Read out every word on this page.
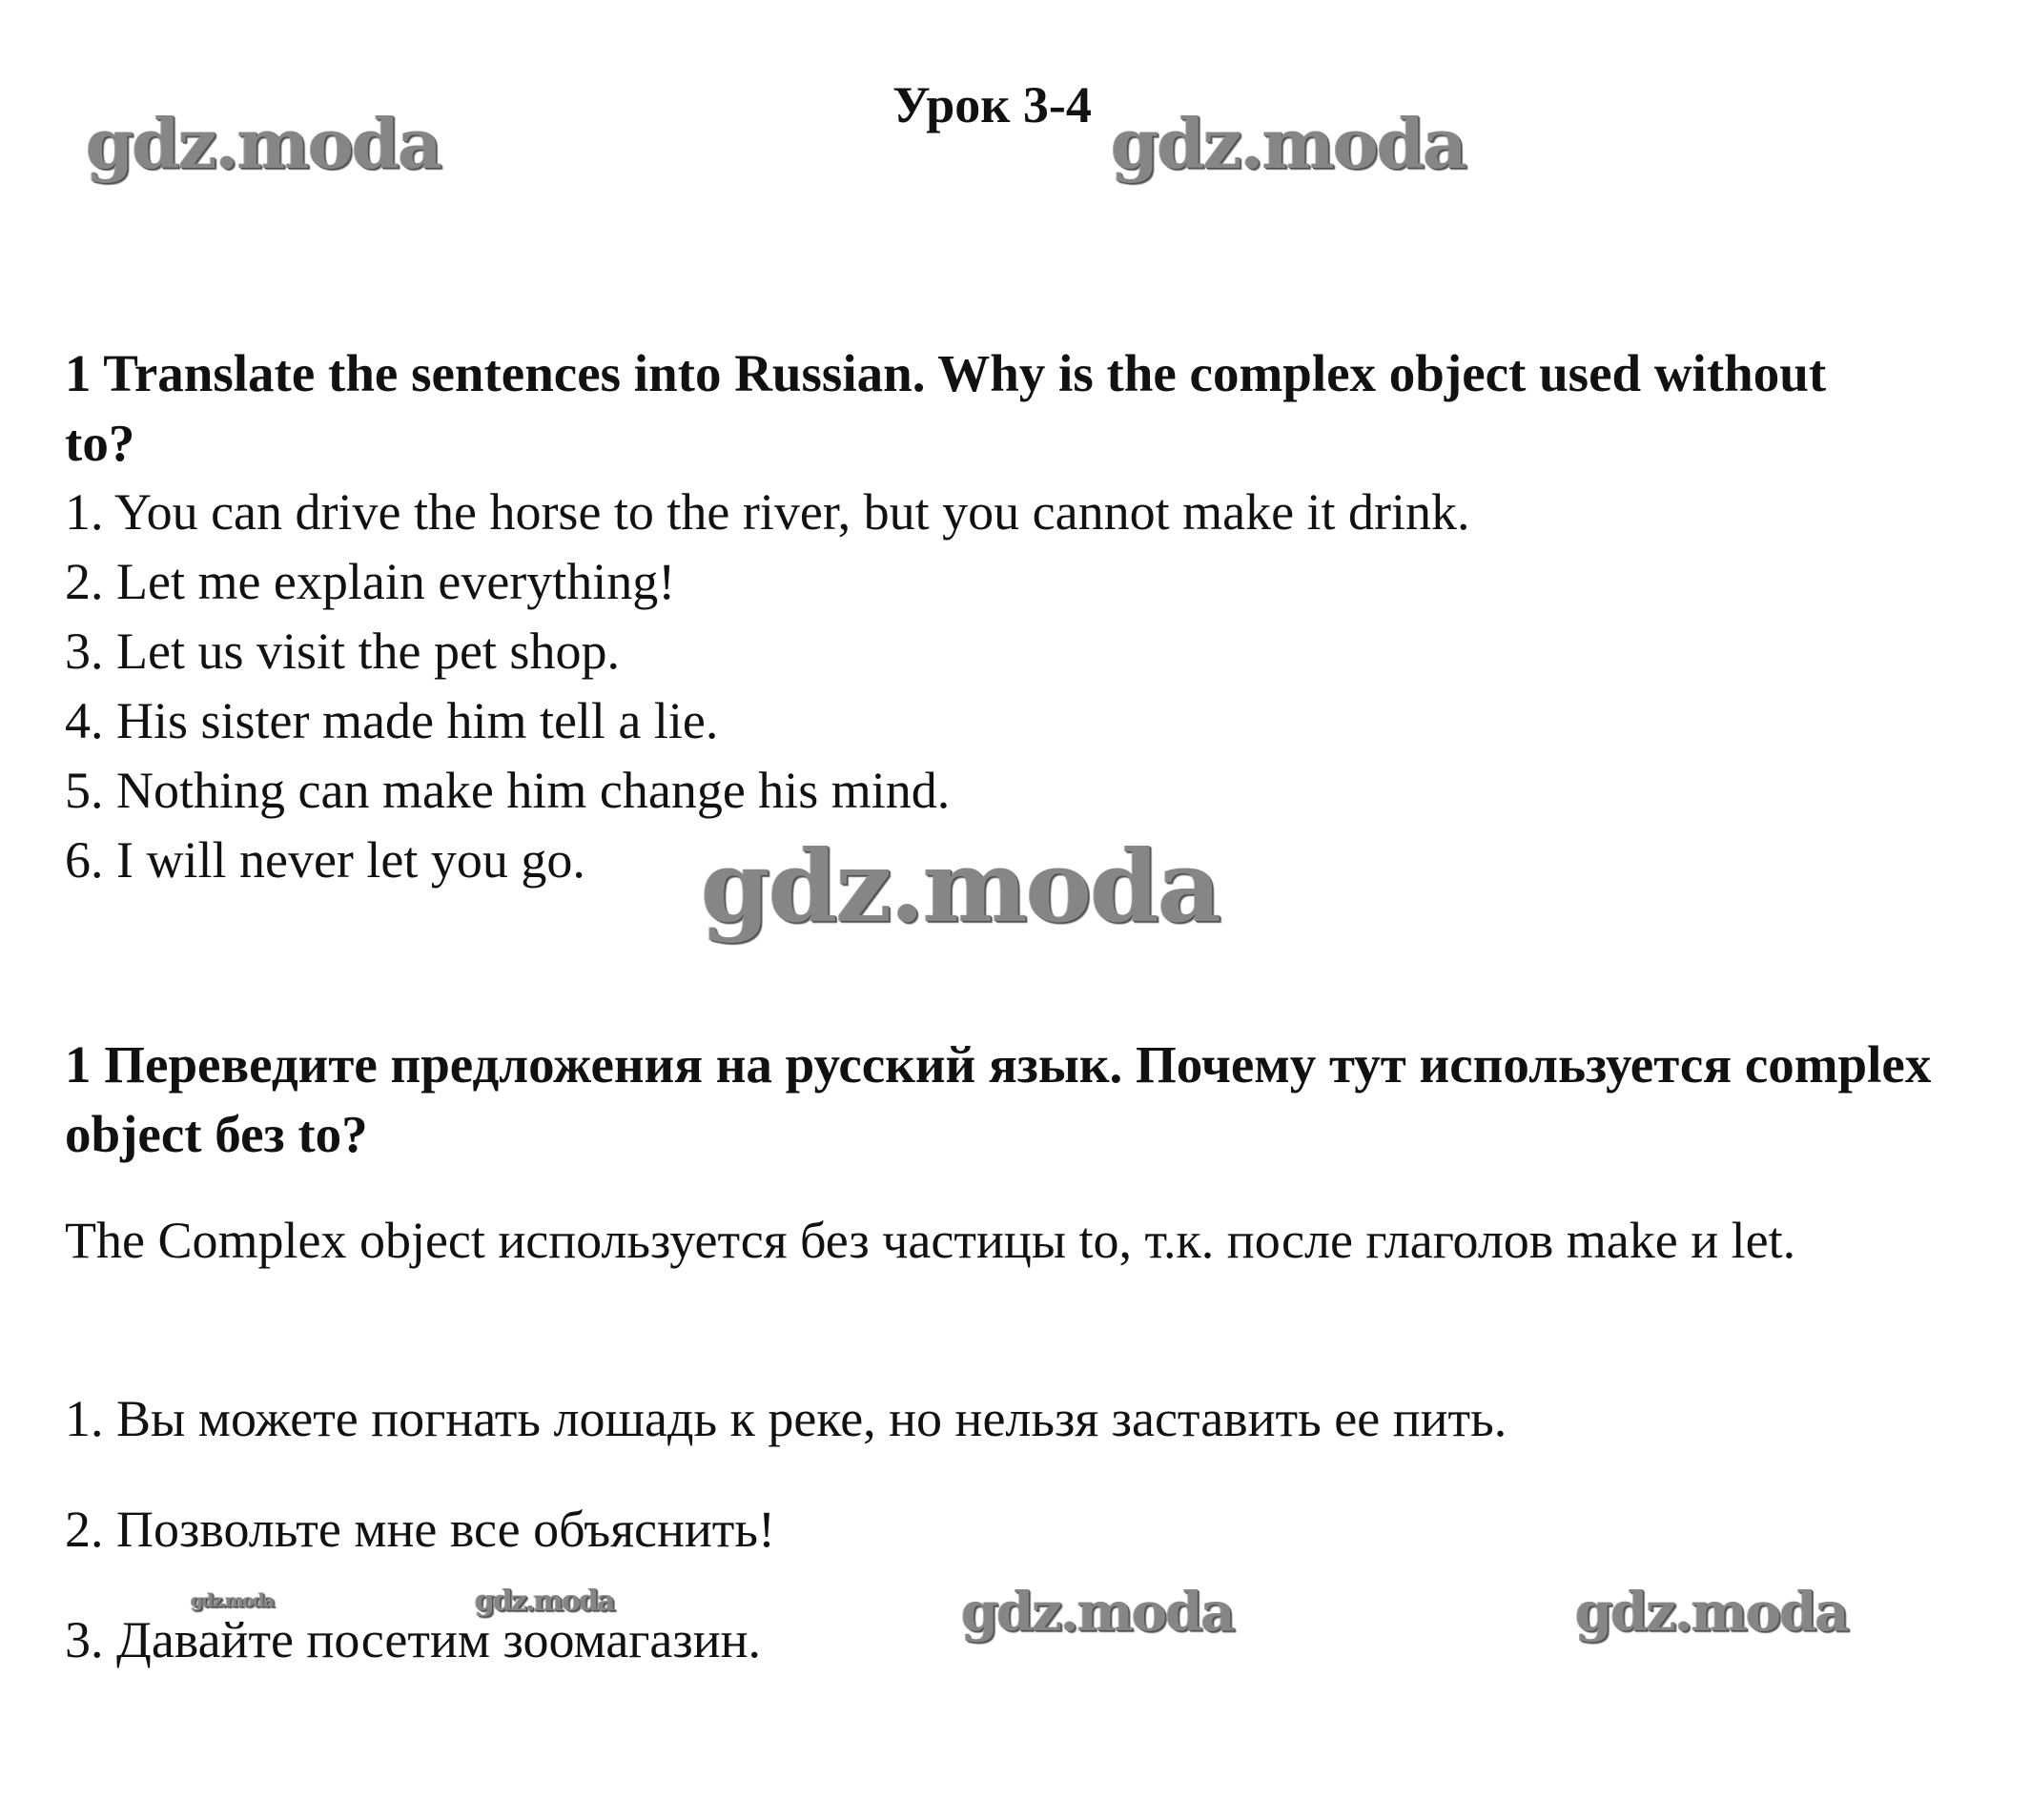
Урок 3-4
1 Translate the sentences into Russian. Why is the complex object used without to?
1. You can drive the horse to the river, but you cannot make it drink.
2. Let me explain everything!
3. Let us visit the pet shop.
4. His sister made him tell a lie.
5. Nothing can make him change his mind.
6. I will never let you go.
1 Переведите предложения на русский язык. Почему тут используется complex object без to?
The Complex object используется без частицы to, т.к. после глаголов make и let.
1. Вы можете погнать лошадь к реке, но нельзя заставить ее пить.
2. Позвольте мне все объяснить!
3. Давайте посетим зоомагазин.
gdz.moda	gdz.moda
gdz.moda
gdz.moda	gdz.moda	gdz.moda	gdz.moda
